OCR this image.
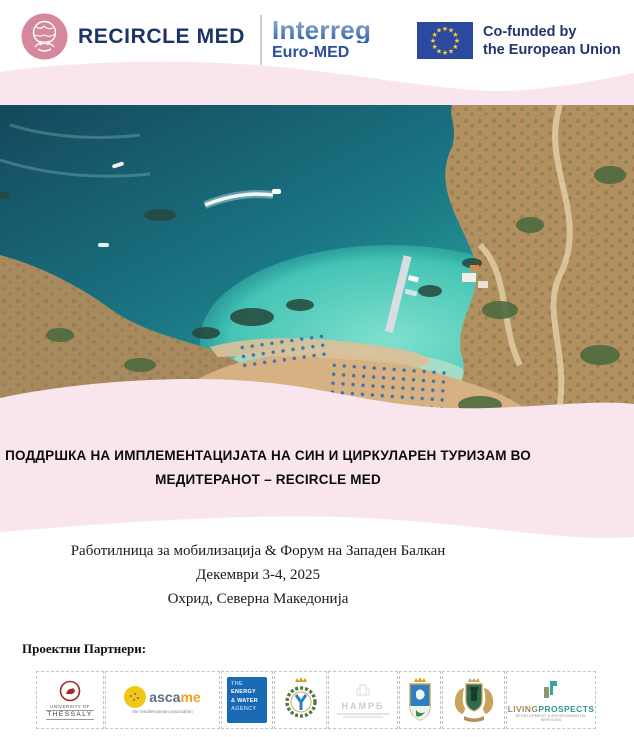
RECIRCLE MED Interreg
Euro-MED
★ ★
★
★
★
★
★
★
★
★
★
★	Co-funded by
the European Union
ПОДДРШКА НА ИМПЛЕМЕНТАЦИЈАТА НА СИН И ЦИРКУЛАРЕН ТУРИЗАМ ВО
МЕДИТЕРАНОТ – RECIRCLE MED
Работилница за мобилизација & Форум на Западен Балкан
Декември 3-4, 2025
Охрид, Северна Македонија
Проектни Партнери:
UNIVERSITY OF
THESSALY
ascame
the mediterranean association
THE
ENERGY
& WATER
AGENCY	НАМРБ	LIVINGPROSPECTS
DEVELOPMENT & ENVIRONMENTAL SERVICES
